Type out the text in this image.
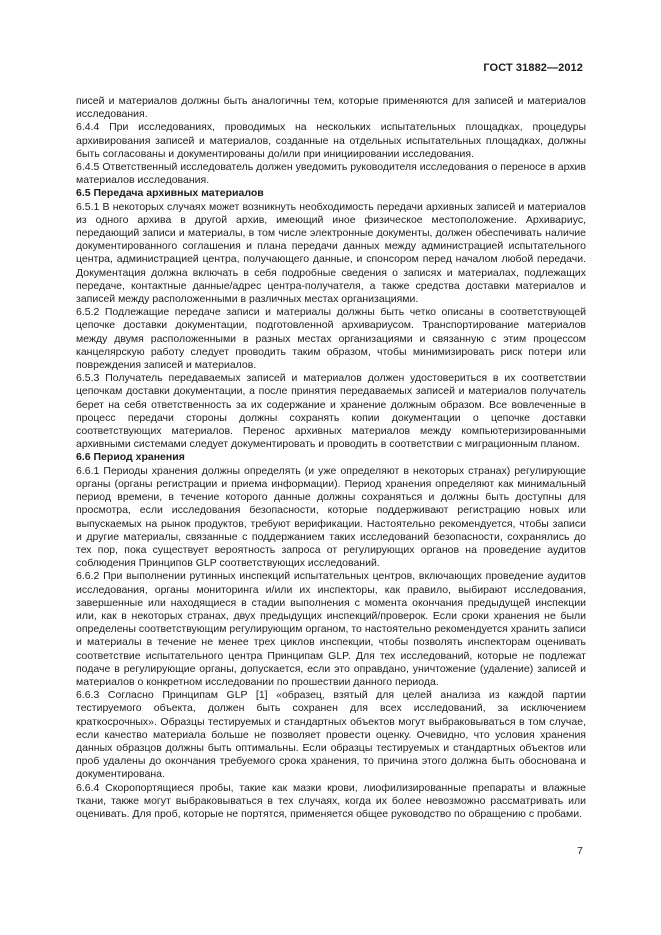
ГОСТ 31882—2012

писей и материалов должны быть аналогичны тем, которые применяются для записей и материалов исследования.

6.4.4 При исследованиях, проводимых на нескольких испытательных площадках, процедуры архивирования записей и материалов, созданные на отдельных испытательных площадках, должны быть согласованы и документированы до/или при инициировании исследования.

6.4.5 Ответственный исследователь должен уведомить руководителя исследования о переносе в архив материалов исследования.

6.5 Передача архивных материалов

6.5.1 В некоторых случаях может возникнуть необходимость передачи архивных записей и материалов из одного архива в другой архив, имеющий иное физическое местоположение. Архивариус, передающий записи и материалы, в том числе электронные документы, должен обеспечивать наличие документированного соглашения и плана передачи данных между администрацией испытательного центра, администрацией центра, получающего данные, и спонсором перед началом любой передачи. Документация должна включать в себя подробные сведения о записях и материалах, подлежащих передаче, контактные данные/адрес центра-получателя, а также средства доставки материалов и записей между расположенными в различных местах организациями.

6.5.2 Подлежащие передаче записи и материалы должны быть четко описаны в соответствующей цепочке доставки документации, подготовленной архивариусом. Транспортирование материалов между двумя расположенными в разных местах организациями и связанную с этим процессом канцелярскую работу следует проводить таким образом, чтобы минимизировать риск потери или повреждения записей и материалов.

6.5.3 Получатель передаваемых записей и материалов должен удостовериться в их соответствии цепочкам доставки документации, а после принятия передаваемых записей и материалов получатель берет на себя ответственность за их содержание и хранение должным образом. Все вовлеченные в процесс передачи стороны должны сохранять копии документации о цепочке доставки соответствующих материалов. Перенос архивных материалов между компьютеризированными архивными системами следует документировать и проводить в соответствии с миграционным планом.

6.6 Период хранения

6.6.1 Периоды хранения должны определять (и уже определяют в некоторых странах) регулирующие органы (органы регистрации и приема информации). Период хранения определяют как минимальный период времени, в течение которого данные должны сохраняться и должны быть доступны для просмотра, если исследования безопасности, которые поддерживают регистрацию новых или выпускаемых на рынок продуктов, требуют верификации. Настоятельно рекомендуется, чтобы записи и другие материалы, связанные с поддержанием таких исследований безопасности, сохранялись до тех пор, пока существует вероятность запроса от регулирующих органов на проведение аудитов соблюдения Принципов GLP соответствующих исследований.

6.6.2 При выполнении рутинных инспекций испытательных центров, включающих проведение аудитов исследования, органы мониторинга и/или их инспекторы, как правило, выбирают исследования, завершенные или находящиеся в стадии выполнения с момента окончания предыдущей инспекции или, как в некоторых странах, двух предыдущих инспекций/проверок. Если сроки хранения не были определены соответствующим регулирующим органом, то настоятельно рекомендуется хранить записи и материалы в течение не менее трех циклов инспекции, чтобы позволять инспекторам оценивать соответствие испытательного центра Принципам GLP. Для тех исследований, которые не подлежат подаче в регулирующие органы, допускается, если это оправдано, уничтожение (удаление) записей и материалов о конкретном исследовании по прошествии данного периода.

6.6.3 Согласно Принципам GLP [1] «образец, взятый для целей анализа из каждой партии тестируемого объекта, должен быть сохранен для всех исследований, за исключением краткосрочных». Образцы тестируемых и стандартных объектов могут выбраковываться в том случае, если качество материала больше не позволяет провести оценку. Очевидно, что условия хранения данных образцов должны быть оптимальны. Если образцы тестируемых и стандартных объектов или проб удалены до окончания требуемого срока хранения, то причина этого должна быть обоснована и документирована.

6.6.4 Скоропортящиеся пробы, такие как мазки крови, лиофилизированные препараты и влажные ткани, также могут выбраковываться в тех случаях, когда их более невозможно рассматривать или оценивать. Для проб, которые не портятся, применяется общее руководство по обращению с пробами.

7
